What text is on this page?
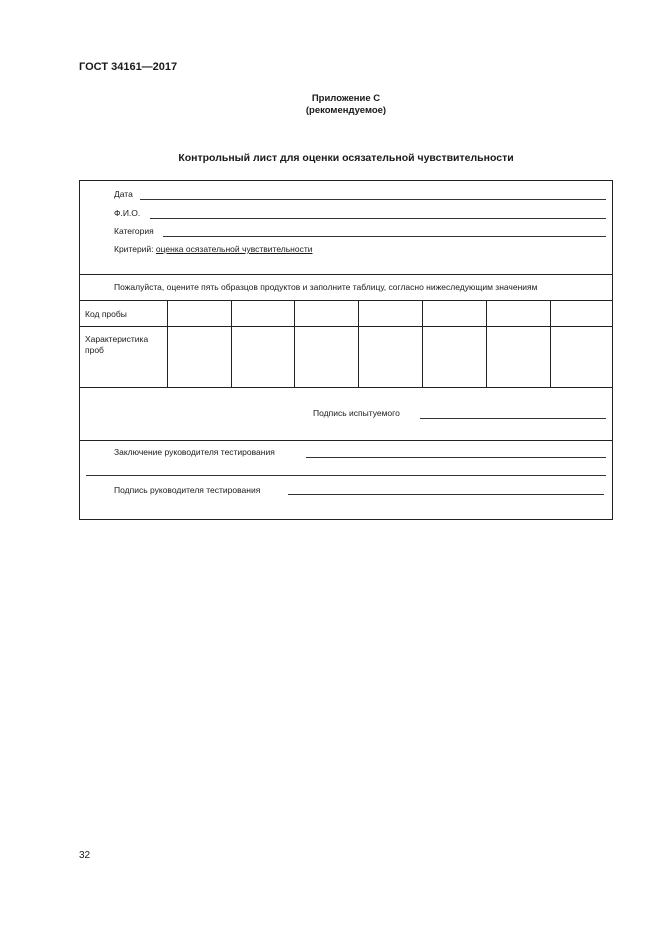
ГОСТ 34161—2017
Приложение С
(рекомендуемое)
Контрольный лист для оценки осязательной чувствительности
Дата
Ф.И.О.
Категория
Критерий: оценка осязательной чувствительности
Пожалуйста, оцените пять образцов продуктов и заполните таблицу, согласно нижеследующим значениям
Код пробы
Характеристика проб
Подпись испытуемого
Заключение руководителя тестирования
Подпись руководителя тестирования
32
